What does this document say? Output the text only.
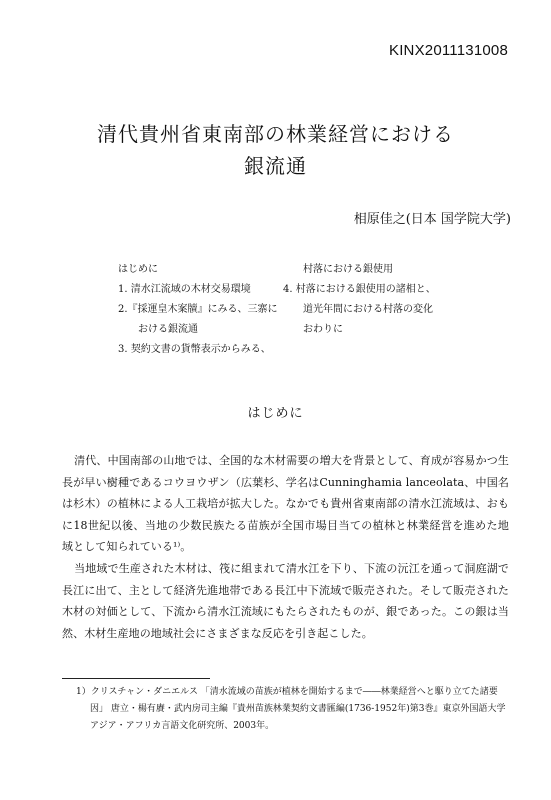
KINX2011131008
清代貴州省東南部の林業経営における
銀流通
相原佳之(日本 国学院大学)
はじめに
1. 清水江流域の木材交易環境
2.『採運皇木案牘』にみる、三寨に
おける銀流通
3. 契約文書の貨幣表示からみる、
村落における銀使用
4. 村落における銀使用の諸相と、
道光年間における村落の変化
おわりに
はじめに

清代、中国南部の山地では、全国的な木材需要の増大を背景として、育成が容易かつ生長が早い樹種であるコウヨウザン（広葉杉、学名はCunninghamia lanceolata、中国名は杉木）の植林による人工栽培が拡大した。なかでも貴州省東南部の清水江流域は、おもに18世紀以後、当地の少数民族たる苗族が全国市場目当ての植林と林業経営を進めた地域として知られている¹⁾。

当地域で生産された木材は、筏に組まれて清水江を下り、下流の沅江を通って洞庭湖で長江に出て、主として経済先進地帯である長江中下流域で販売された。そして販売された木材の対価として、下流から清水江流域にもたらされたものが、銀であった。この銀は当然、木材生産地の地域社会にさまざまな反応を引き起こした。

1）クリスチャン・ダニエルス 「清水流域の苗族が植林を開始するまで――林業経営へと駆り立てた諸要因」 唐立・楊有賡・武内房司主編『貴州苗族林業契約文書匯編(1736-1952年)第3巻』東京外国語大学アジア・アフリカ言語文化研究所、2003年。
